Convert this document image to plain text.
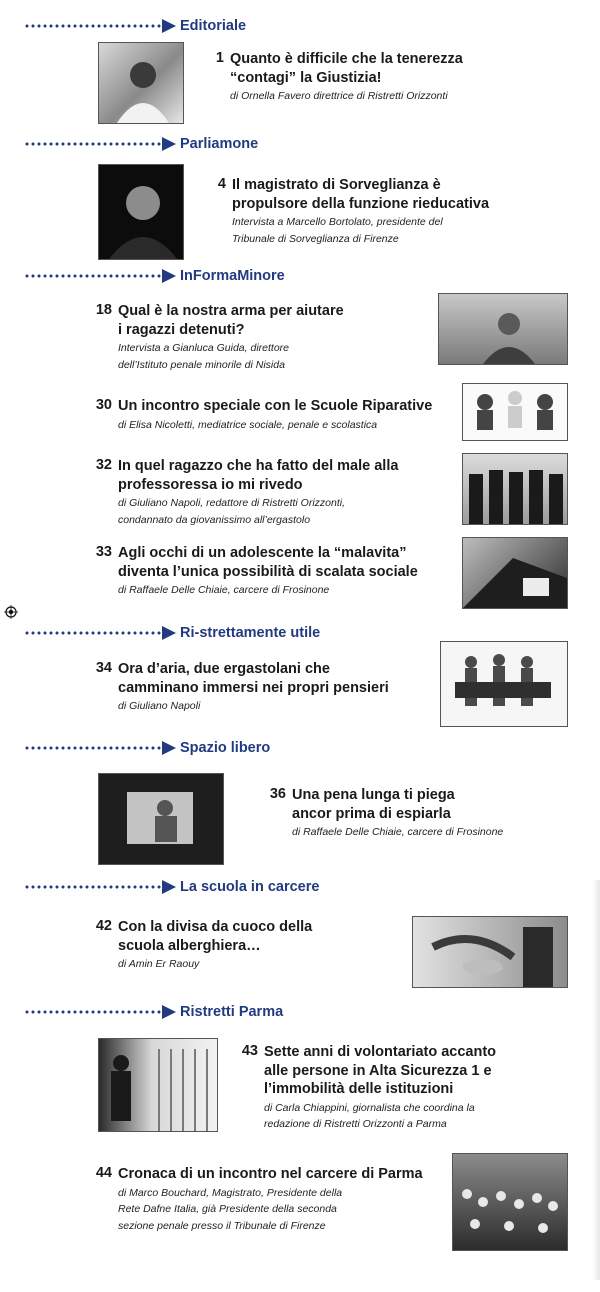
Editoriale
Parliamone
InFormaMinore
Ri-strettamente utile
Spazio libero
La scuola in carcere
Ristretti Parma
1 Quanto è difficile che la tenerezza
“contagi” la Giustizia!
di Ornella Favero direttrice di Ristretti Orizzonti
4 Il magistrato di Sorveglianza è
propulsore della funzione rieducativa
Intervista a Marcello Bortolato, presidente del
Tribunale di Sorveglianza di Firenze
18 Qual è la nostra arma per aiutare
i ragazzi detenuti?
Intervista a Gianluca Guida, direttore
dell’Istituto penale minorile di Nisida
30 Un incontro speciale con le Scuole Riparative
di Elisa Nicoletti, mediatrice sociale, penale e scolastica
32 In quel ragazzo che ha fatto del male alla
professoressa io mi rivedo
di Giuliano Napoli, redattore di Ristretti Orizzonti,
condannato da giovanissimo all’ergastolo
33 Agli occhi di un adolescente la “malavita”
diventa l’unica possibilità di scalata sociale
di Raffaele Delle Chiaie, carcere di Frosinone
34 Ora d’aria, due ergastolani che
camminano immersi nei propri pensieri
di Giuliano Napoli
36 Una pena lunga ti piega
ancor prima di espiarla
di Raffaele Delle Chiaie, carcere di Frosinone
42 Con la divisa da cuoco della
scuola alberghiera…
di Amin Er Raouy
43 Sette anni di volontariato accanto
alle persone in Alta Sicurezza 1 e
l’immobilità delle istituzioni
di Carla Chiappini, giornalista che coordina la
redazione di Ristretti Orizzonti a Parma
44 Cronaca di un incontro nel carcere di Parma
di Marco Bouchard, Magistrato, Presidente della
Rete Dafne Italia, già Presidente della seconda
sezione penale presso il Tribunale di Firenze
